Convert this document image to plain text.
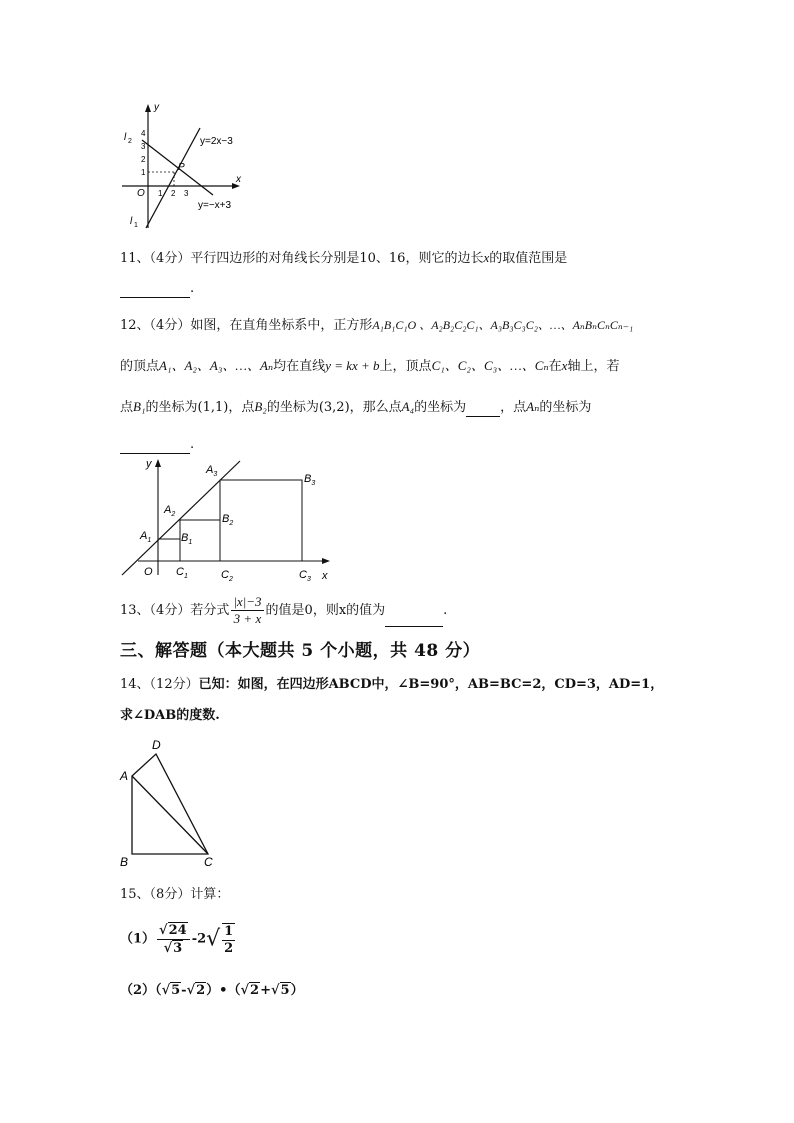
y
x
O
P
y=2x−3
y=−x+3
l 2
l 1
1 2 3
1
2
3
4
11、（4分）平行四边形的对角线长分别是10、16，则它的边长x的取值范围是
.
12、（4分）如图，在直角坐标系中，正方形A₁B₁C₁O 、A₂B₂C₂C₁、A₃B₃C₃C₂、…、AₙBₙCₙCₙ₋₁
的顶点A₁、A₂、A₃、…、Aₙ均在直线y = kx + b上，顶点C₁、C₂、C₃、…、Cₙ在x轴上，若
点B₁的坐标为(1,1)，点B₂的坐标为(3,2)，那么点A₄的坐标为	，点Aₙ的坐标为
.
y
x
O
$A_1$
$A_2$
$A_3$
$B_1$
$B_2$
$B_3$
$C_1$	$C_2$	$C_3$
13、（4分）若分式 $\frac{|x|-3}{3 + x}$ 的值是0，则x的值为	.
三、解答题（本大题共 5 个小题，共 48 分）
14、（12分）已知：如图，在四边形ABCD中，∠B=90°，AB=BC=2，CD=3，AD=1，
求∠DAB的度数.
A
D
B	C
15、（8分）计算：
$(1) \frac{√24}{√3} -2√ \frac{1}{2}$
（2）（√5-√2）•（√2+√5）
